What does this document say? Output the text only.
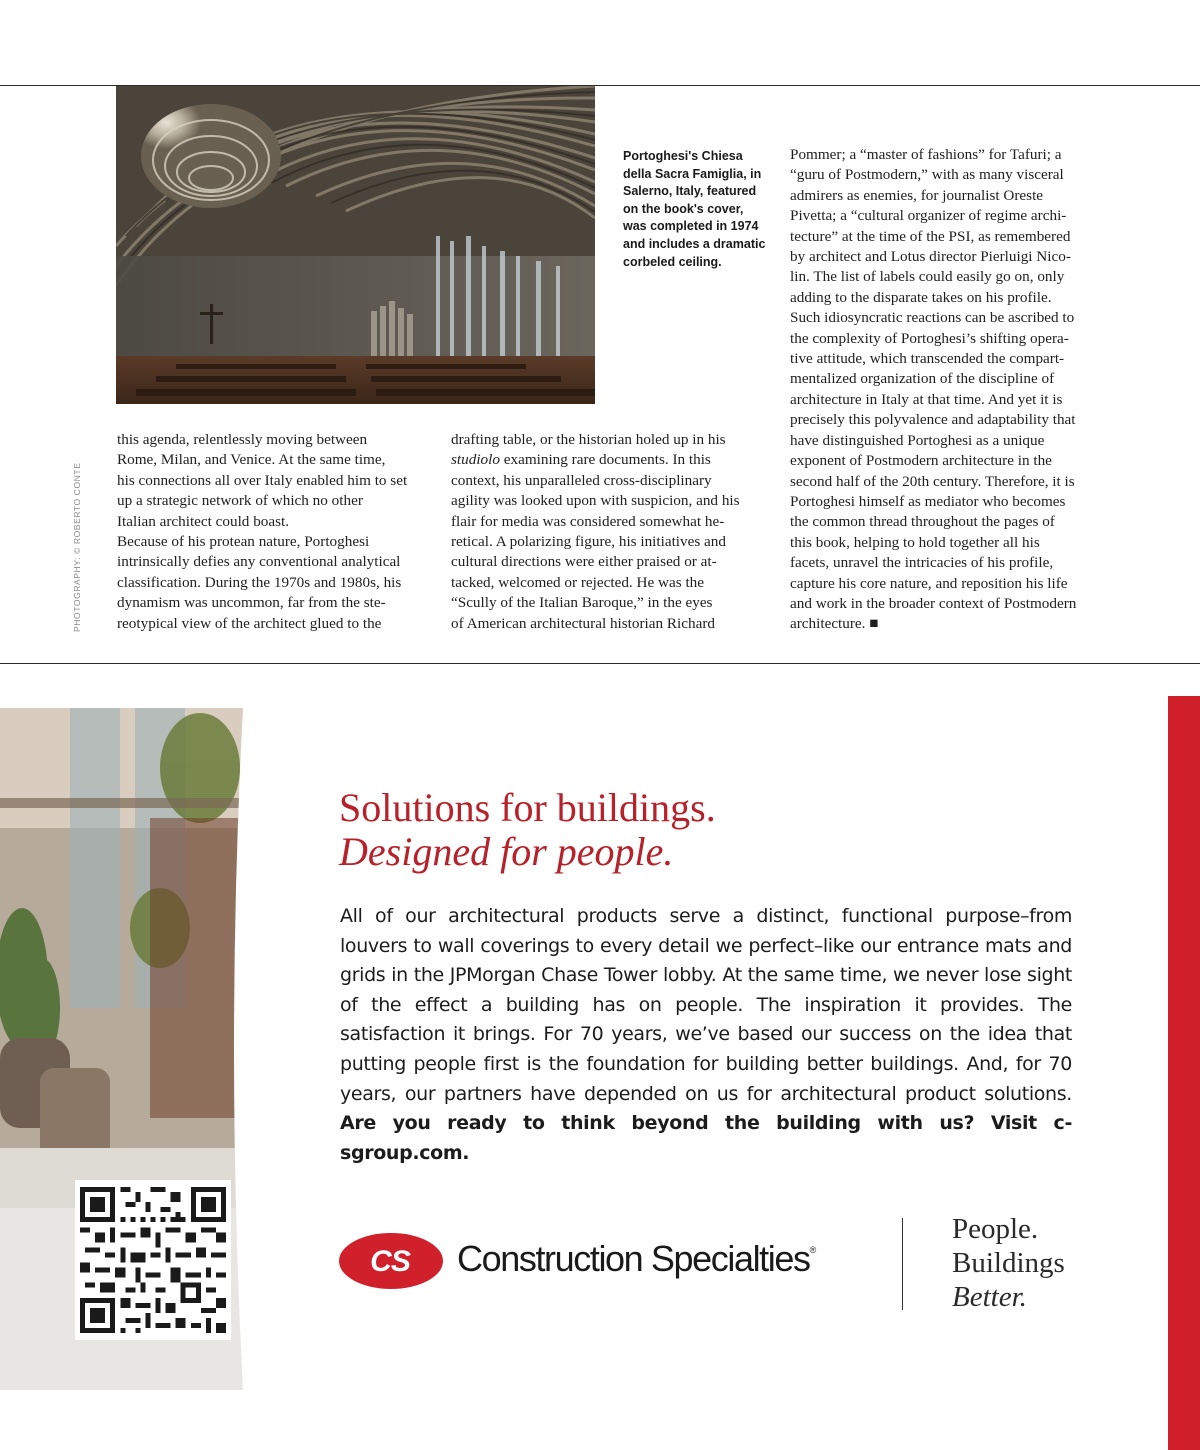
Portoghesi's Chiesa della Sacra Famiglia, in Salerno, Italy, featured on the book's cover, was completed in 1974 and includes a dramatic corbeled ceiling.

PHOTOGRAPHY: © ROBERTO CONTE

this agenda, relentlessly moving between
Rome, Milan, and Venice. At the same time,
his connections all over Italy enabled him to set
up a strategic network of which no other
Italian architect could boast.
Because of his protean nature, Portoghesi
intrinsically defies any conventional analytical
classification. During the 1970s and 1980s, his
dynamism was uncommon, far from the ste-
reotypical view of the architect glued to the

drafting table, or the historian holed up in his
studiolo examining rare documents. In this
context, his unparalleled cross-disciplinary
agility was looked upon with suspicion, and his
flair for media was considered somewhat he-
retical. A polarizing figure, his initiatives and
cultural directions were either praised or at-
tacked, welcomed or rejected. He was the
“Scully of the Italian Baroque,” in the eyes
of American architectural historian Richard

Pommer; a “master of fashions” for Tafuri; a
“guru of Postmodern,” with as many visceral
admirers as enemies, for journalist Oreste
Pivetta; a “cultural organizer of regime archi-
tecture” at the time of the PSI, as remembered
by architect and Lotus director Pierluigi Nico-
lin. The list of labels could easily go on, only
adding to the disparate takes on his profile.
Such idiosyncratic reactions can be ascribed to
the complexity of Portoghesi’s shifting opera-
tive attitude, which transcended the compart-
mentalized organization of the discipline of
architecture in Italy at that time. And yet it is
precisely this polyvalence and adaptability that
have distinguished Portoghesi as a unique
exponent of Postmodern architecture in the
second half of the 20th century. Therefore, it is
Portoghesi himself as mediator who becomes
the common thread throughout the pages of
this book, helping to hold together all his
facets, unravel the intricacies of his profile,
capture his core nature, and reposition his life
and work in the broader context of Postmodern
architecture. ■

Solutions for buildings.
Designed for people.

All of our architectural products serve a distinct, functional purpose–from louvers to wall coverings to every detail we perfect–like our entrance mats and grids in the JPMorgan Chase Tower lobby. At the same time, we never lose sight of the effect a building has on people. The inspiration it provides. The satisfaction it brings. For 70 years, we’ve based our success on the idea that putting people first is the foundation for building better buildings. And, for 70 years, our partners have depended on us for architectural product solutions. Are you ready to think beyond the building with us? Visit c-sgroup.com.

CS Construction Specialties®

People.
Buildings
Better.
